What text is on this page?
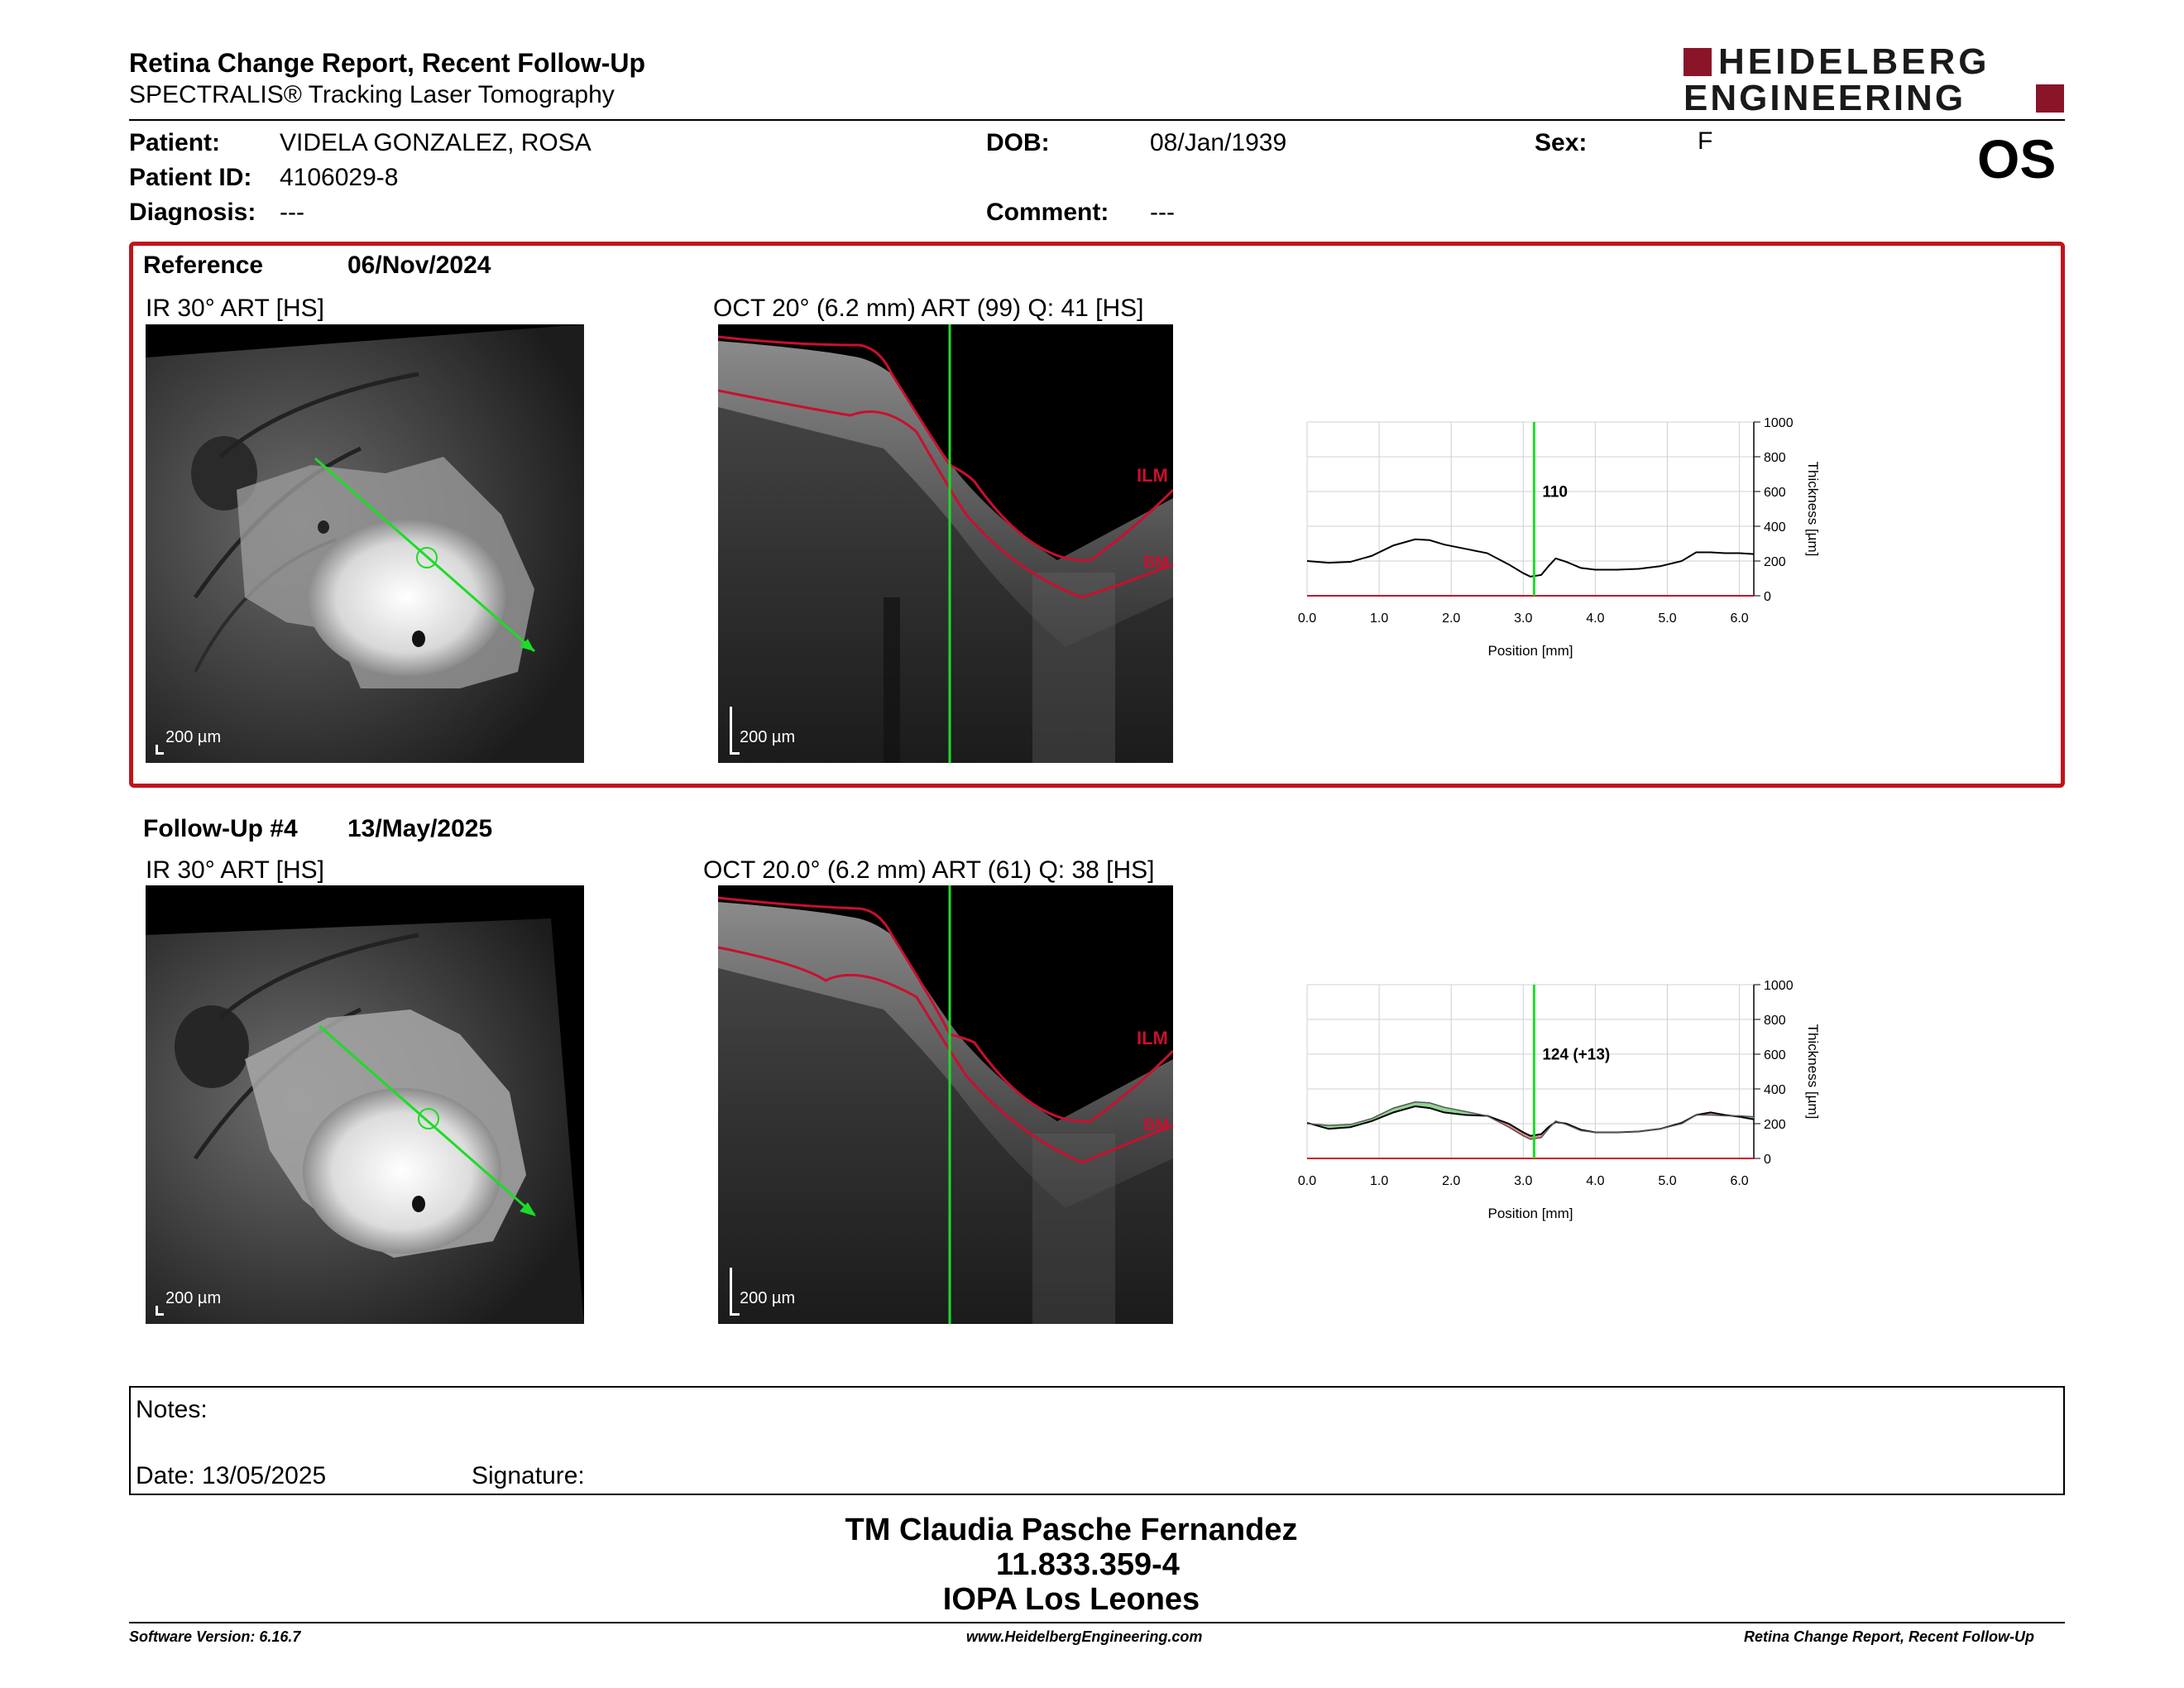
Retina Change Report, Recent Follow-Up
SPECTRALIS® Tracking Laser Tomography
HEIDELBERG
ENGINEERING
Patient: VIDELA GONZALEZ, ROSA
Patient ID: 4106029-8
Diagnosis: ---
DOB:	08/Jan/1939
Comment: ---
Sex:	F	OS
Reference	06/Nov/2024
IR 30° ART [HS]	OCT 20° (6.2 mm) ART (99) Q: 41 [HS]
200 µm
ILM
BM
200 µm
0
200
400
600
800
1000
0.0	1.0	2.0	3.0	4.0	5.0	6.0
Position [mm]
Thickness [µm]
110
Follow-Up #4 13/May/2025
IR 30° ART [HS]	OCT 20.0° (6.2 mm) ART (61) Q: 38 [HS]
200 µm
ILM
BM
200 µm
0
200
400
600
800
1000
0.0	1.0	2.0	3.0	4.0	5.0	6.0
Position [mm]
Thickness [µm]
124 (+13)
Notes:
Date: 13/05/2025	Signature:
TM Claudia Pasche Fernandez
11.833.359-4
IOPA Los Leones
Software Version: 6.16.7	www.HeidelbergEngineering.com	Retina Change Report, Recent Follow-Up
